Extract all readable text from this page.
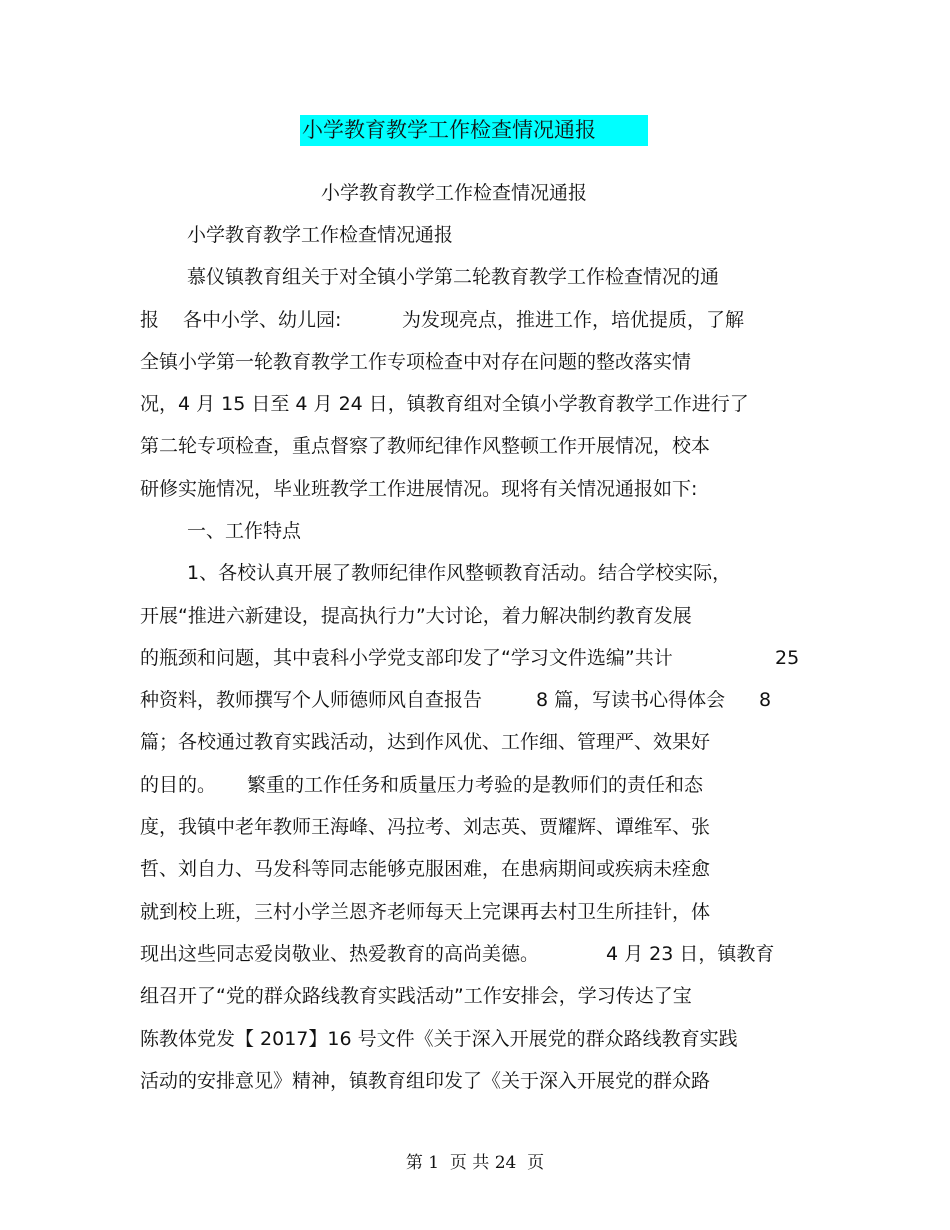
小学教育教学工作检查情况通报
小学教育教学工作检查情况通报
小学教育教学工作检查情况通报
慕仪镇教育组关于对全镇小学第二轮教育教学工作检查情况的通
报 各中小学、幼儿园:	为发现亮点，推进工作，培优提质，了解
全镇小学第一轮教育教学工作专项检查中对存在问题的整改落实情
况，4 月 15 日至 4 月 24 日，镇教育组对全镇小学教育教学工作进行了
第二轮专项检查，重点督察了教师纪律作风整顿工作开展情况，校本
研修实施情况，毕业班教学工作进展情况。现将有关情况通报如下:
一、工作特点
1、各校认真开展了教师纪律作风整顿教育活动。结合学校实际，
开展“推进六新建设，提高执行力”大讨论，着力解决制约教育发展
的瓶颈和问题，其中袁科小学党支部印发了“学习文件选编”共计	25
种资料，教师撰写个人师德师风自查报告	8 篇，写读书心得体会 8
篇；各校通过教育实践活动，达到作风优、工作细、管理严、效果好
的目的。 繁重的工作任务和质量压力考验的是教师们的责任和态
度，我镇中老年教师王海峰、冯拉考、刘志英、贾耀辉、谭维军、张
哲、刘自力、马发科等同志能够克服困难，在患病期间或疾病未痊愈
就到校上班，三村小学兰恩齐老师每天上完课再去村卫生所挂针，体
现出这些同志爱岗敬业、热爱教育的高尚美德。	4 月 23 日，镇教育
组召开了“党的群众路线教育实践活动”工作安排会，学习传达了宝
陈教体党发【 2017】16 号文件《关于深入开展党的群众路线教育实践
活动的安排意见》精神，镇教育组印发了《关于深入开展党的群众路
第 1  页 共 24  页
